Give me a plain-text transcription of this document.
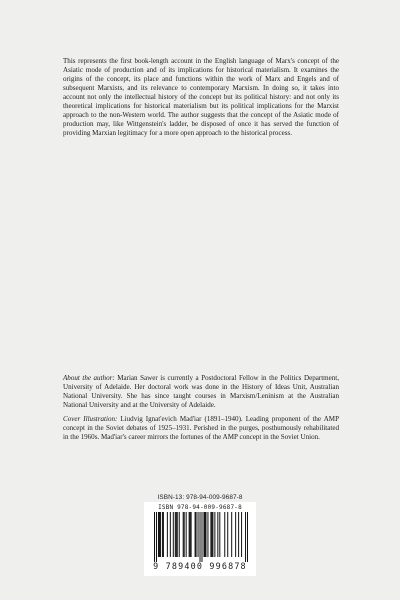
This represents the first book-length account in the English language of Marx's concept of the Asiatic mode of production and of its implications for historical materialism. It examines the origins of the concept, its place and functions within the work of Marx and Engels and of subsequent Marxists, and its relevance to contemporary Marxism. In doing so, it takes into account not only the intellectual history of the concept but its political history: and not only its theoretical implications for historical materialism but its political implications for the Marxist approach to the non-Western world. The author suggests that the concept of the Asiatic mode of production may, like Wittgenstein's ladder, be disposed of once it has served the function of providing Marxian legitimacy for a more open approach to the historical process.

About the author: Marian Sawer is currently a Postdoctoral Fellow in the Politics Department, University of Adelaide. Her doctoral work was done in the History of Ideas Unit, Australian National University. She has since taught courses in Marxism/Leninism at the Australian National University and at the University of Adelaide.

Cover Illustration: Liudvig Ignat'evich Mad'iar (1891–1940). Leading proponent of the AMP concept in the Soviet debates of 1925–1931. Perished in the purges, posthumously rehabilitated in the 1960s. Mad'iar's career mirrors the fortunes of the AMP concept in the Soviet Union.

ISBN-13: 978-94-009-9687-8
ISBN 978-94-009-9687-8
9 789400 996878
